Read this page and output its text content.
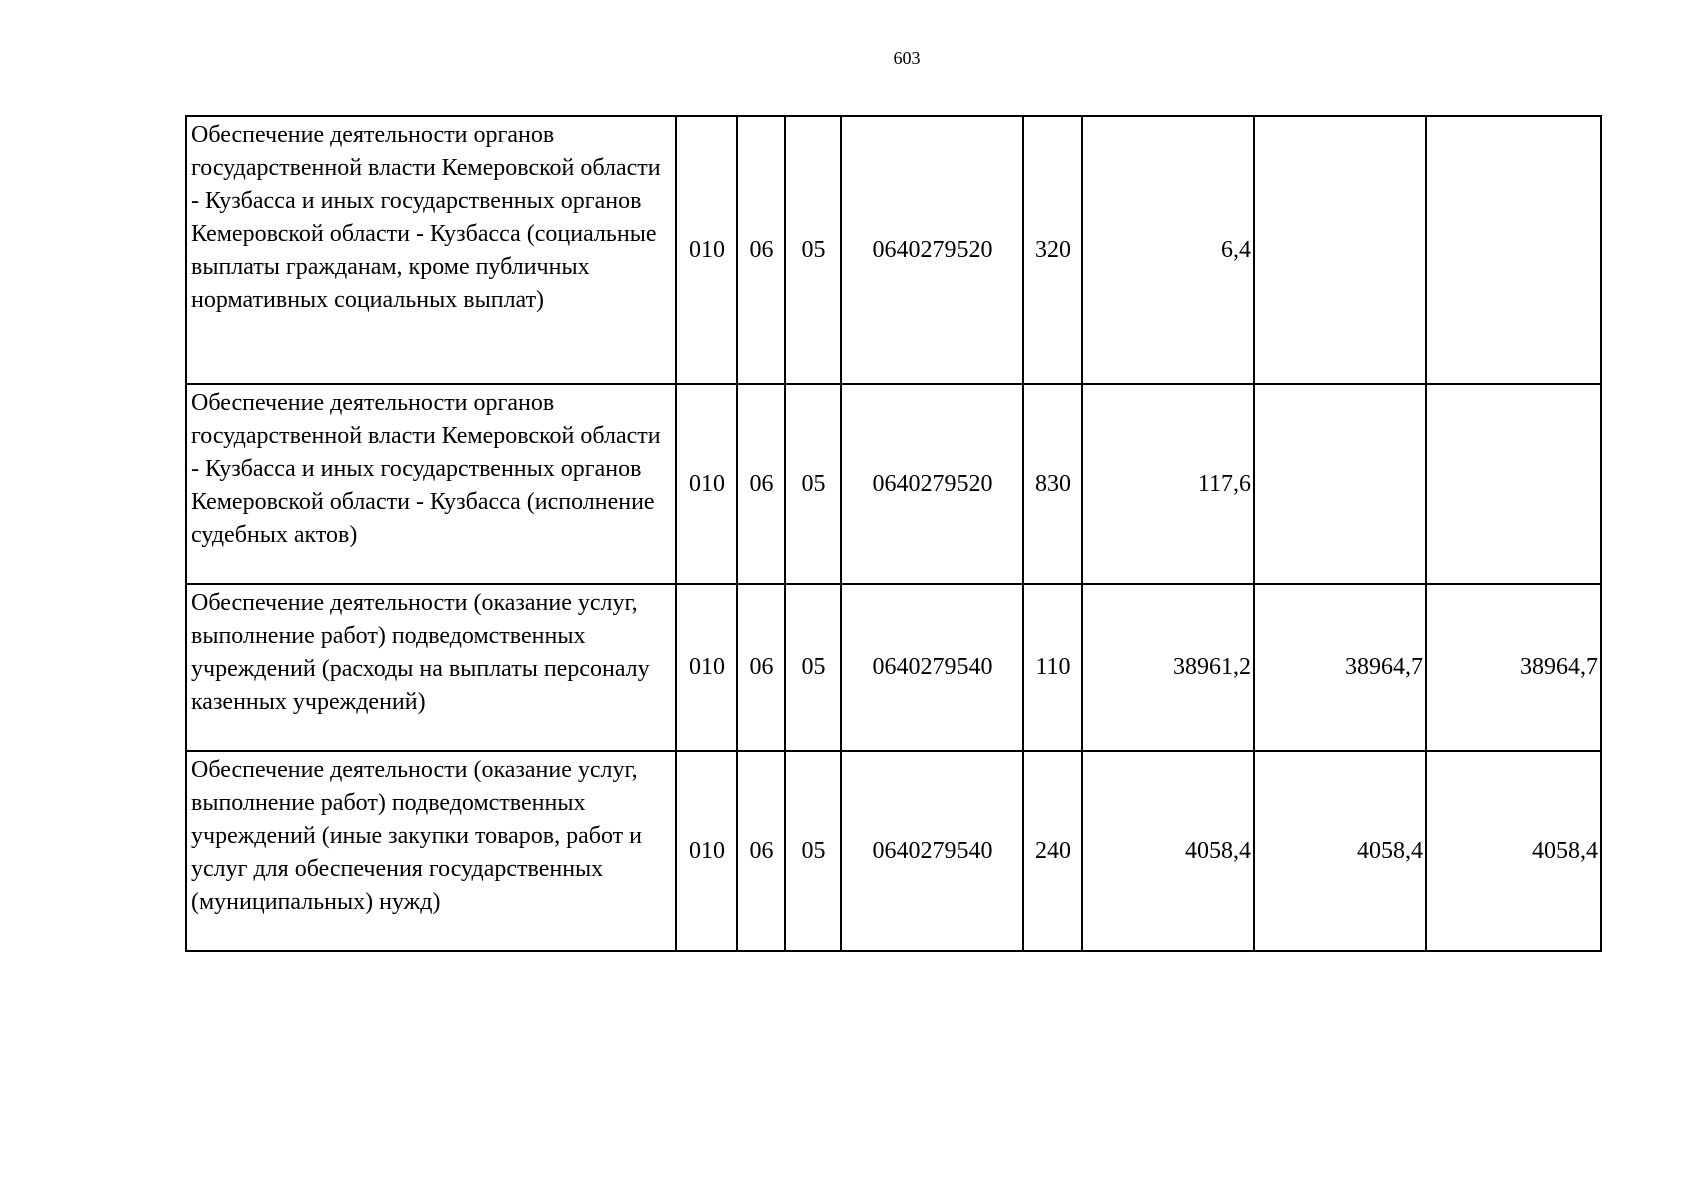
603
Обеспечение деятельности органов государственной власти Кемеровской области - Кузбасса и иных государственных органов Кемеровской области - Кузбасса (социальные выплаты гражданам, кроме публичных нормативных социальных выплат)	010	06	05	0640279520	320	6,4		
Обеспечение деятельности органов государственной власти Кемеровской области - Кузбасса и иных государственных органов Кемеровской области - Кузбасса (исполнение судебных актов)	010	06	05	0640279520	830	117,6		
Обеспечение деятельности (оказание услуг, выполнение работ) подведомственных учреждений (расходы на выплаты персоналу казенных учреждений)	010	06	05	0640279540	110	38961,2	38964,7	38964,7
Обеспечение деятельности (оказание услуг, выполнение работ) подведомственных учреждений (иные закупки товаров, работ и услуг для обеспечения государственных (муниципальных) нужд)	010	06	05	0640279540	240	4058,4	4058,4	4058,4
